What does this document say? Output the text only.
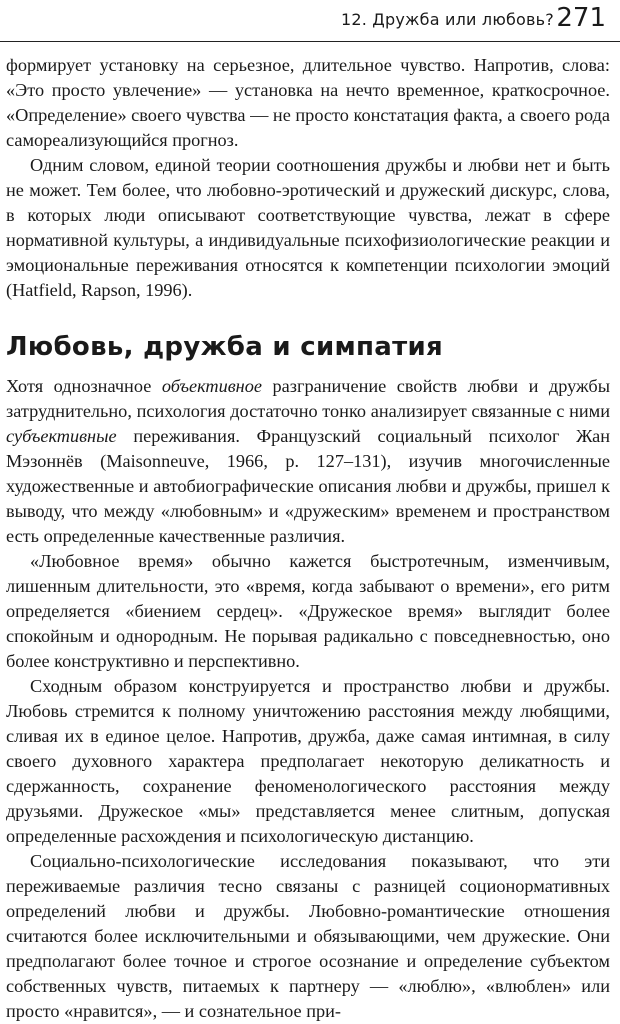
12. Дружба или любовь? 271

формирует установку на серьезное, длительное чувство. Напротив, слова: «Это просто увлечение» — установка на нечто временное, краткосрочное. «Определение» своего чувства — не просто констатация факта, а своего рода самореализующийся прогноз.

Одним словом, единой теории соотношения дружбы и любви нет и быть не может. Тем более, что любовно-эротический и дружеский дискурс, слова, в которых люди описывают соответствующие чувства, лежат в сфере нормативной культуры, а индивидуальные психофизиологические реакции и эмоциональные переживания относятся к компетенции психологии эмоций (Hatfield, Rapson, 1996).

Любовь, дружба и симпатия

Хотя однозначное объективное разграничение свойств любви и дружбы затруднительно, психология достаточно тонко анализирует связанные с ними субъективные переживания. Французский социальный психолог Жан Мэзоннёв (Maisonneuve, 1966, p. 127–131), изучив многочисленные художественные и автобиографические описания любви и дружбы, пришел к выводу, что между «любовным» и «дружеским» временем и пространством есть определенные качественные различия.

«Любовное время» обычно кажется быстротечным, изменчивым, лишенным длительности, это «время, когда забывают о времени», его ритм определяется «биением сердец». «Дружеское время» выглядит более спокойным и однородным. Не порывая радикально с повседневностью, оно более конструктивно и перспективно.

Сходным образом конструируется и пространство любви и дружбы. Любовь стремится к полному уничтожению расстояния между любящими, сливая их в единое целое. Напротив, дружба, даже самая интимная, в силу своего духовного характера предполагает некоторую деликатность и сдержанность, сохранение феноменологического расстояния между друзьями. Дружеское «мы» представляется менее слитным, допуская определенные расхождения и психологическую дистанцию.

Социально-психологические исследования показывают, что эти переживаемые различия тесно связаны с разницей соционормативных определений любви и дружбы. Любовно-романтические отношения считаются более исключительными и обязывающими, чем дружеские. Они предполагают более точное и строгое осознание и определение субъектом собственных чувств, питаемых к партнеру — «люблю», «влюблен» или просто «нравится», — и сознательное при-
